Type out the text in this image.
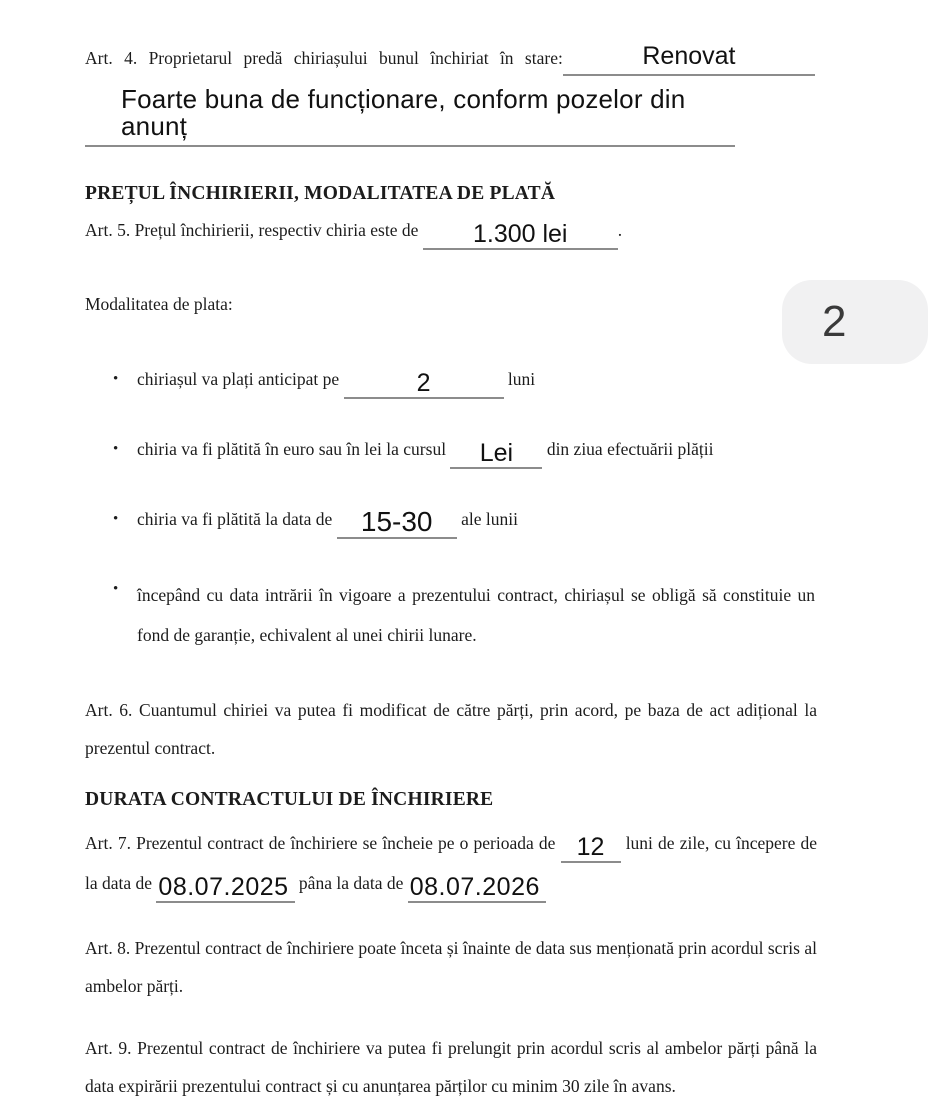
Art. 4. Proprietarul predă chiriașului bunul închiriat în stare:	Renovat
Foarte buna de funcționare, conform pozelor din anunț
PREȚUL ÎNCHIRIERII, MODALITATEA DE PLATĂ
Art. 5. Prețul închirierii, respectiv chiria este de 1.300 lei	.
Modalitatea de plata:
•	chiriașul va plați anticipat pe	2	luni
•	chiria va fi plătită în euro sau în lei la cursul Lei din ziua efectuării plății
•	chiria va fi plătită la data de 15-30 ale lunii
•	începând cu data intrării în vigoare a prezentului contract, chiriașul se obligă să constituie un fond de garanție, echivalent al unei chirii lunare.

Art. 6. Cuantumul chiriei va putea fi modificat de către părți, prin acord, pe baza de act adițional la prezentul contract.

DURATA CONTRACTULUI DE ÎNCHIRIERE

Art. 7. Prezentul contract de închiriere se încheie pe o perioada de 12 luni de zile, cu începere de la data de 08.07.2025 pâna la data de 08.07.2026

Art. 8. Prezentul contract de închiriere poate înceta și înainte de data sus menționată prin acordul scris al ambelor părți.

Art. 9. Prezentul contract de închiriere va putea fi prelungit prin acordul scris al ambelor părți până la data expirării prezentului contract și cu anunțarea părților cu minim 30 zile în avans.

2
